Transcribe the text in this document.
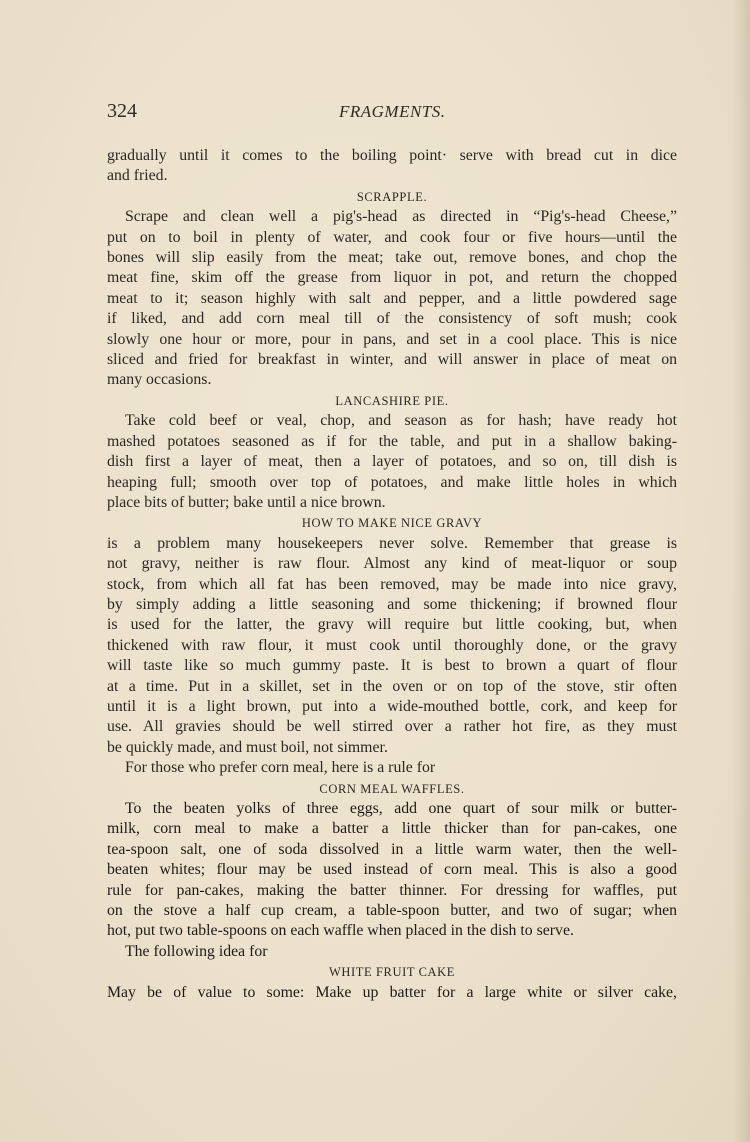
324	FRAGMENTS.
gradually until it comes to the boiling point· serve with bread cut in dice
and fried.
SCRAPPLE.
Scrape and clean well a pig's-head as directed in “Pig's-head Cheese,”
put on to boil in plenty of water, and cook four or five hours—until the
bones will slip easily from the meat; take out, remove bones, and chop the
meat fine, skim off the grease from liquor in pot, and return the chopped
meat to it; season highly with salt and pepper, and a little powdered sage
if liked, and add corn meal till of the consistency of soft mush; cook
slowly one hour or more, pour in pans, and set in a cool place. This is nice
sliced and fried for breakfast in winter, and will answer in place of meat on
many occasions.
LANCASHIRE PIE.
Take cold beef or veal, chop, and season as for hash; have ready hot
mashed potatoes seasoned as if for the table, and put in a shallow baking-
dish first a layer of meat, then a layer of potatoes, and so on, till dish is
heaping full; smooth over top of potatoes, and make little holes in which
place bits of butter; bake until a nice brown.
HOW TO MAKE NICE GRAVY
is a problem many housekeepers never solve. Remember that grease is
not gravy, neither is raw flour. Almost any kind of meat-liquor or soup
stock, from which all fat has been removed, may be made into nice gravy,
by simply adding a little seasoning and some thickening; if browned flour
is used for the latter, the gravy will require but little cooking, but, when
thickened with raw flour, it must cook until thoroughly done, or the gravy
will taste like so much gummy paste. It is best to brown a quart of flour
at a time. Put in a skillet, set in the oven or on top of the stove, stir often
until it is a light brown, put into a wide-mouthed bottle, cork, and keep for
use. All gravies should be well stirred over a rather hot fire, as they must
be quickly made, and must boil, not simmer.
For those who prefer corn meal, here is a rule for
CORN MEAL WAFFLES.
To the beaten yolks of three eggs, add one quart of sour milk or butter-
milk, corn meal to make a batter a little thicker than for pan-cakes, one
tea-spoon salt, one of soda dissolved in a little warm water, then the well-
beaten whites; flour may be used instead of corn meal. This is also a good
rule for pan-cakes, making the batter thinner. For dressing for waffles, put
on the stove a half cup cream, a table-spoon butter, and two of sugar; when
hot, put two table-spoons on each waffle when placed in the dish to serve.
The following idea for
WHITE FRUIT CAKE
May be of value to some: Make up batter for a large white or silver cake,
